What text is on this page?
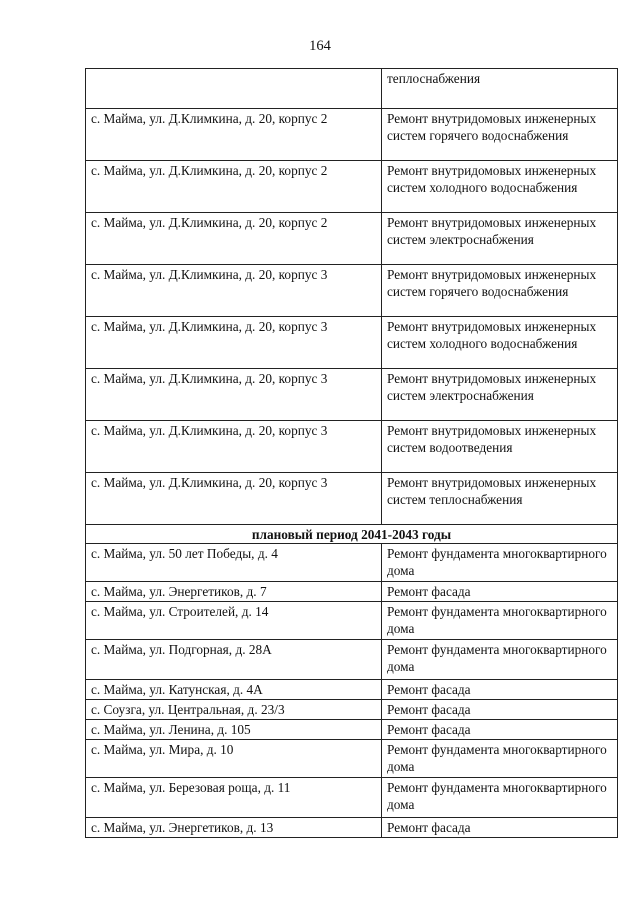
164
	теплоснабжения
с. Майма, ул. Д.Климкина, д. 20, корпус 2	Ремонт внутридомовых инженерных систем горячего водоснабжения
с. Майма, ул. Д.Климкина, д. 20, корпус 2	Ремонт внутридомовых инженерных систем холодного водоснабжения
с. Майма, ул. Д.Климкина, д. 20, корпус 2	Ремонт внутридомовых инженерных систем электроснабжения
с. Майма, ул. Д.Климкина, д. 20, корпус 3	Ремонт внутридомовых инженерных систем горячего водоснабжения
с. Майма, ул. Д.Климкина, д. 20, корпус 3	Ремонт внутридомовых инженерных систем холодного водоснабжения
с. Майма, ул. Д.Климкина, д. 20, корпус 3	Ремонт внутридомовых инженерных систем электроснабжения
с. Майма, ул. Д.Климкина, д. 20, корпус 3	Ремонт внутридомовых инженерных систем водоотведения
с. Майма, ул. Д.Климкина, д. 20, корпус 3	Ремонт внутридомовых инженерных систем теплоснабжения
плановый период 2041-2043 годы	
с. Майма, ул. 50 лет Победы, д. 4	Ремонт фундамента многоквартирного дома
с. Майма, ул. Энергетиков, д. 7	Ремонт фасада
с. Майма, ул. Строителей, д. 14	Ремонт фундамента многоквартирного дома
с. Майма, ул. Подгорная, д. 28А	Ремонт фундамента многоквартирного дома
с. Майма, ул. Катунская, д. 4А	Ремонт фасада
с. Соузга, ул. Центральная, д. 23/3	Ремонт фасада
с. Майма, ул. Ленина, д. 105	Ремонт фасада
с. Майма, ул. Мира, д. 10	Ремонт фундамента многоквартирного дома
с. Майма, ул. Березовая роща, д. 11	Ремонт фундамента многоквартирного дома
с. Майма, ул. Энергетиков, д. 13	Ремонт фасада
